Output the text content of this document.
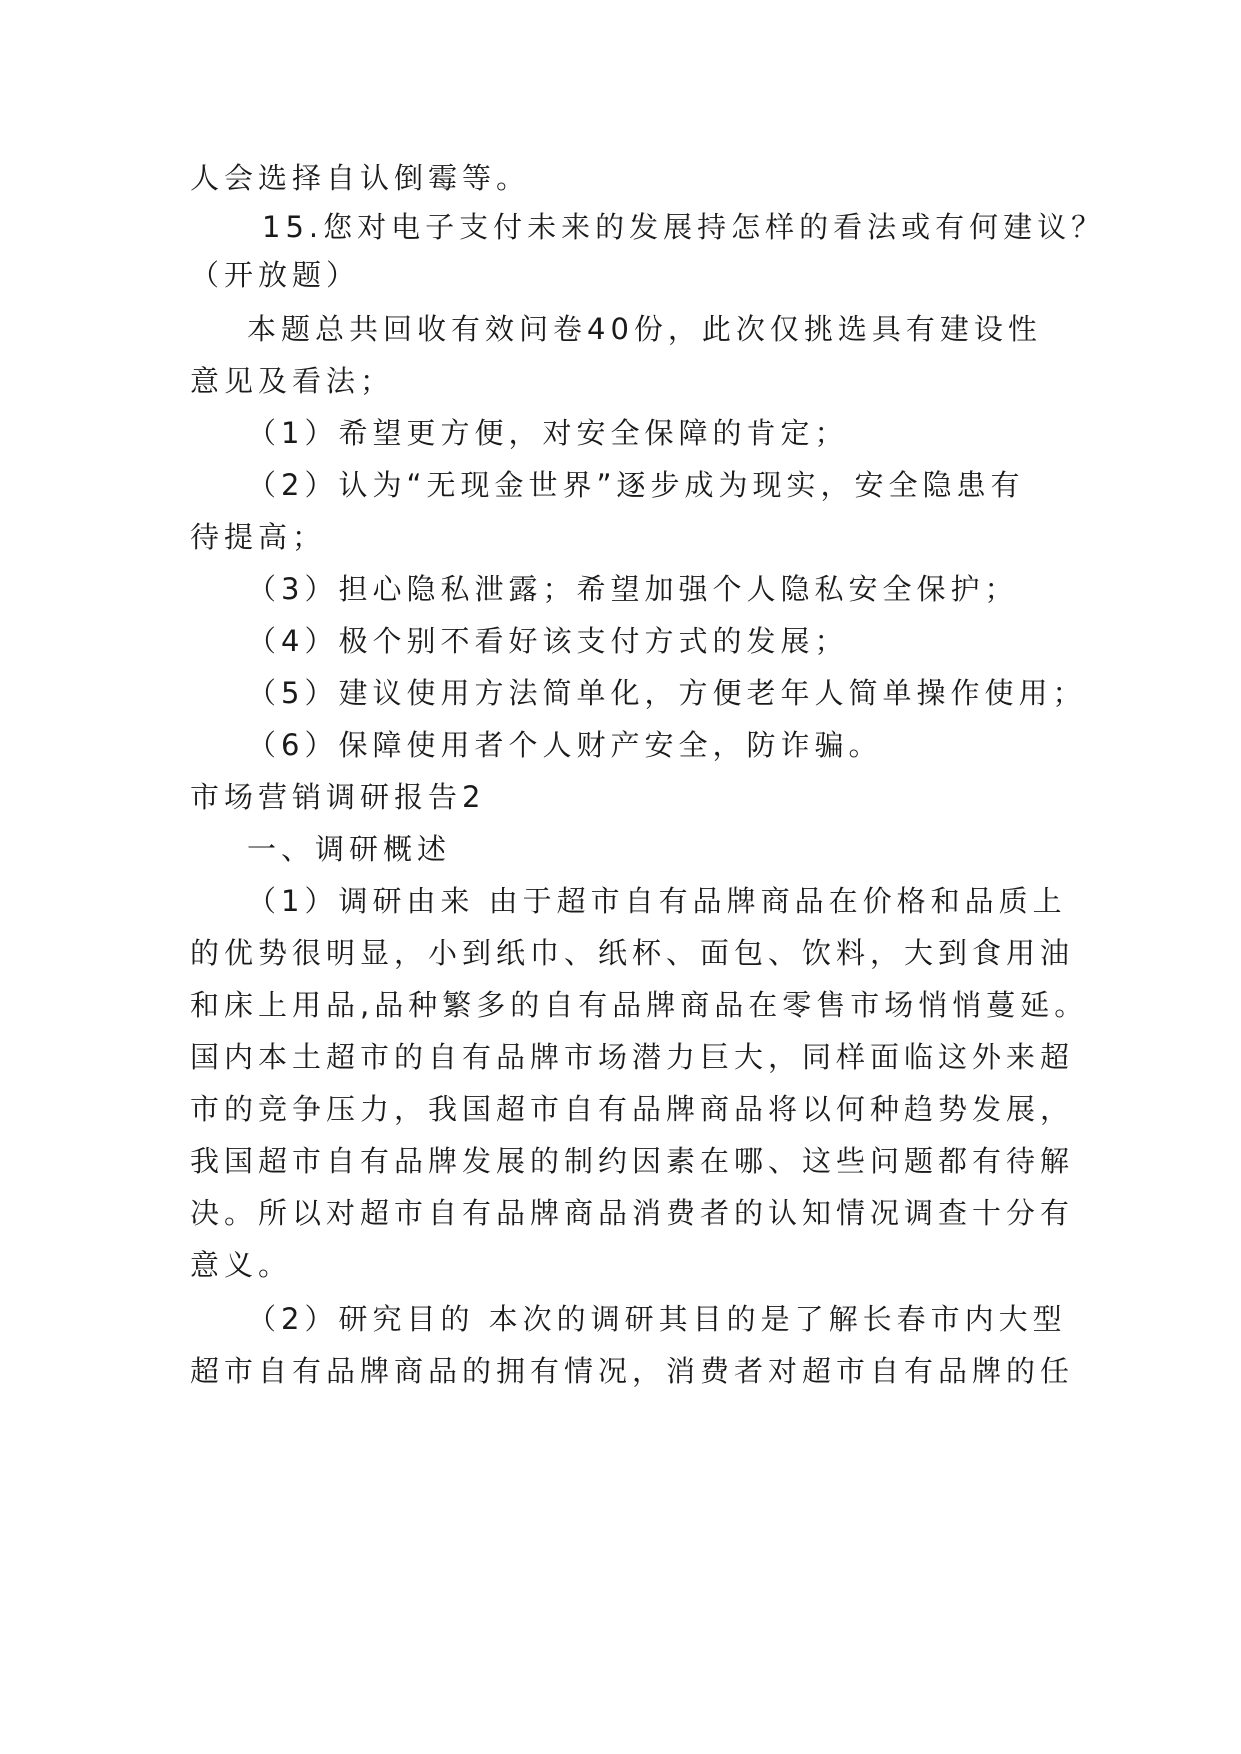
人会选择自认倒霉等。

15.您对电子支付未来的发展持怎样的看法或有何建议？

（开放题）

本题总共回收有效问卷40份，此次仅挑选具有建设性

意见及看法；

（1）希望更方便，对安全保障的肯定；

（2）认为“无现金世界”逐步成为现实，安全隐患有

待提高；

（3）担心隐私泄露；希望加强个人隐私安全保护；

（4）极个别不看好该支付方式的发展；

（5）建议使用方法简单化，方便老年人简单操作使用；

（6）保障使用者个人财产安全，防诈骗。

市场营销调研报告2

一、调研概述

（1）调研由来 由于超市自有品牌商品在价格和品质上

的优势很明显，小到纸巾、纸杯、面包、饮料，大到食用油

和床上用品,品种繁多的自有品牌商品在零售市场悄悄蔓延。

国内本土超市的自有品牌市场潜力巨大，同样面临这外来超

市的竞争压力，我国超市自有品牌商品将以何种趋势发展，

我国超市自有品牌发展的制约因素在哪、这些问题都有待解

决。所以对超市自有品牌商品消费者的认知情况调查十分有

意义。

（2）研究目的 本次的调研其目的是了解长春市内大型

超市自有品牌商品的拥有情况，消费者对超市自有品牌的任
